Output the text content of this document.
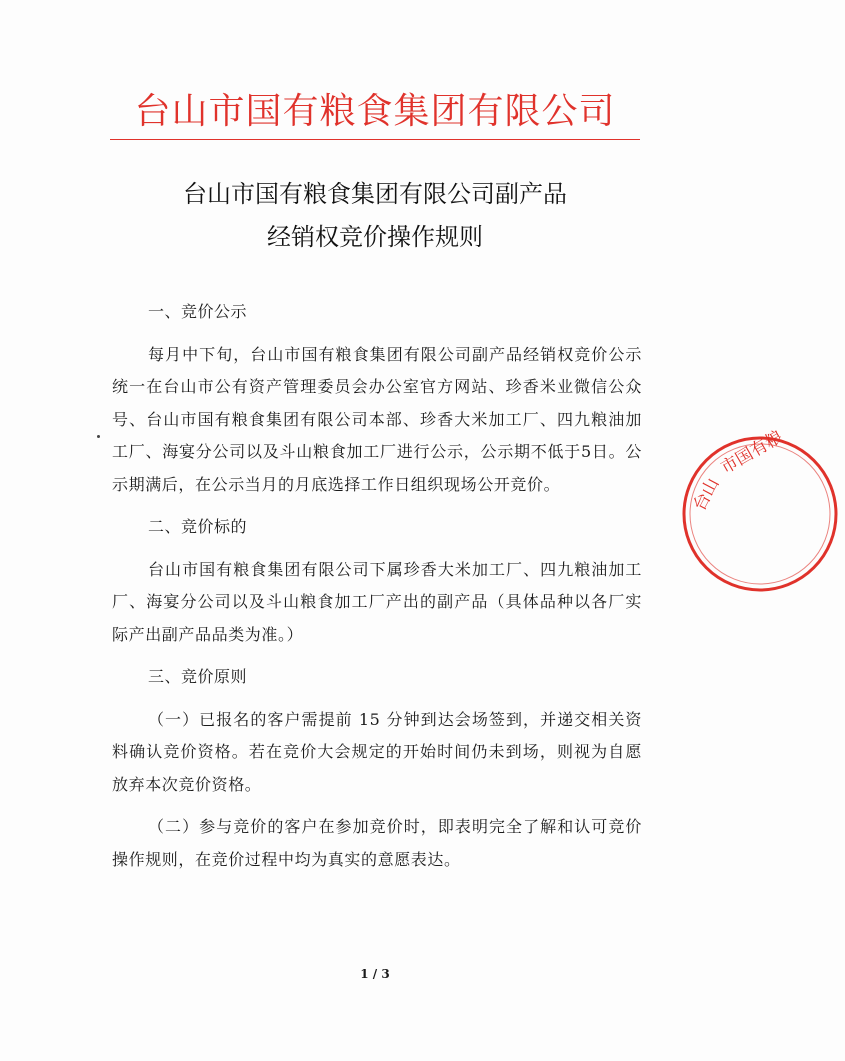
台山市国有粮食集团有限公司
台山市国有粮食集团有限公司副产品
经销权竞价操作规则
一、竞价公示

每月中下旬，台山市国有粮食集团有限公司副产品经销权竞价公示统一在台山市公有资产管理委员会办公室官方网站、珍香米业微信公众号、台山市国有粮食集团有限公司本部、珍香大米加工厂、四九粮油加工厂、海宴分公司以及斗山粮食加工厂进行公示，公示期不低于5日。公示期满后，在公示当月的月底选择工作日组织现场公开竞价。

二、竞价标的

台山市国有粮食集团有限公司下属珍香大米加工厂、四九粮油加工厂、海宴分公司以及斗山粮食加工厂产出的副产品（具体品种以各厂实际产出副产品品类为准。）

三、竞价原则

（一）已报名的客户需提前 15 分钟到达会场签到，并递交相关资料确认竞价资格。若在竞价大会规定的开始时间仍未到场，则视为自愿放弃本次竞价资格。

（二）参与竞价的客户在参加竞价时，即表明完全了解和认可竞价操作规则，在竞价过程中均为真实的意愿表达。

台山
市国有粮
1 / 3
